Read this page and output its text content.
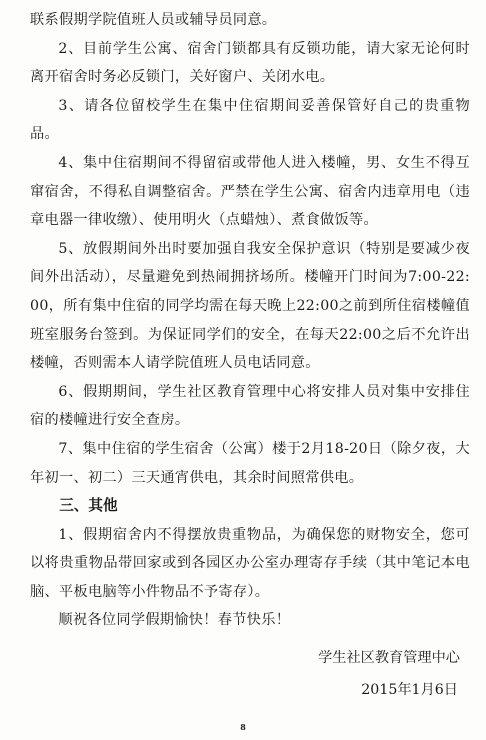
联系假期学院值班人员或辅导员同意。

2、目前学生公寓、宿舍门锁都具有反锁功能，请大家无论何时离开宿舍时务必反锁门，关好窗户、关闭水电。

3、请各位留校学生在集中住宿期间妥善保管好自己的贵重物品。

4、集中住宿期间不得留宿或带他人进入楼幢，男、女生不得互窜宿舍，不得私自调整宿舍。严禁在学生公寓、宿舍内违章用电（违章电器一律收缴）、使用明火（点蜡烛）、煮食做饭等。

5、放假期间外出时要加强自我安全保护意识（特别是要减少夜间外出活动），尽量避免到热闹拥挤场所。楼幢开门时间为7:00-22:00，所有集中住宿的同学均需在每天晚上22:00之前到所住宿楼幢值班室服务台签到。为保证同学们的安全，在每天22:00之后不允许出楼幢，否则需本人请学院值班人员电话同意。

6、假期期间，学生社区教育管理中心将安排人员对集中安排住宿的楼幢进行安全查房。

7、集中住宿的学生宿舍（公寓）楼于2月18-20日（除夕夜，大年初一、初二）三天通宵供电，其余时间照常供电。

三、其他

1、假期宿舍内不得摆放贵重物品，为确保您的财物安全，您可以将贵重物品带回家或到各园区办公室办理寄存手续（其中笔记本电脑、平板电脑等小件物品不予寄存）。

顺祝各位同学假期愉快！春节快乐！

学生社区教育管理中心
2015年1月6日
8
